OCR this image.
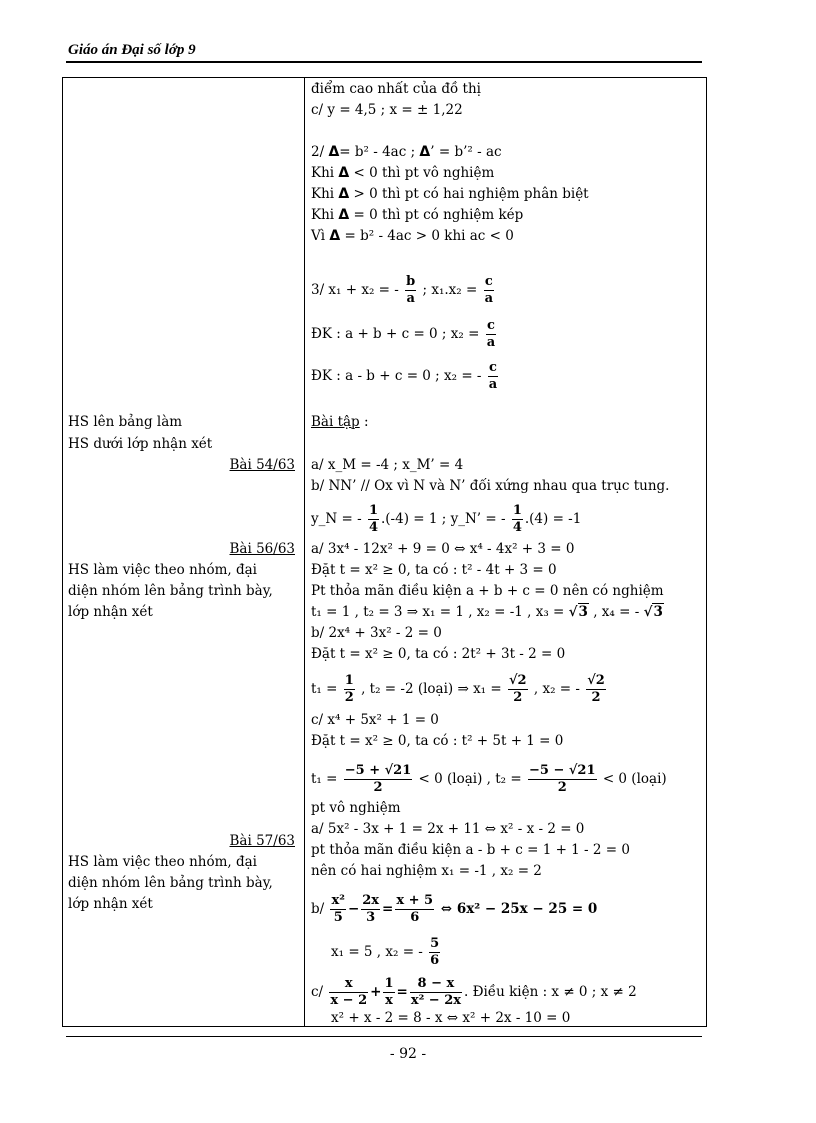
Giáo án Đại số lớp 9
HS lên bảng làm
HS dưới lớp nhận xét
Bài 54/63
Bài 56/63
HS làm việc theo nhóm, đại
diện nhóm lên bảng trình bày,
lớp nhận xét
Bài 57/63
HS làm việc theo nhóm, đại
diện nhóm lên bảng trình bày,
lớp nhận xét
điểm cao nhất của đồ thị
c/ y = 4,5 ; x = ± 1,22
2/ Δ= b² - 4ac ; Δ’ = b’² - ac
Khi Δ < 0 thì pt vô nghiệm
Khi Δ > 0 thì pt có hai nghiệm phân biệt
Khi Δ = 0 thì pt có nghiệm kép
Vì Δ = b² - 4ac > 0 khi ac < 0
3/ x₁ + x₂ = - $\frac{b}{a}$ ; $x_1.x_2 = \frac{c}{a}$
ĐK : a + b + c = 0 ; $x_2 = \frac{c}{a}$
ĐK : a - b + c = 0 ; x₂ = - $\frac{c}{a}$
Bài tập :
a/ x_M = -4 ; x_M’ = 4
b/ NN’ // Ox vì N và N’ đối xứng nhau qua trục tung.
y_N = - $\frac{1}{4} .(-4) = 1$ ; y_N’ = - $\frac{1}{4} .(4) = -1$
a/ 3x⁴ - 12x² + 9 = 0 ⇔ x⁴ - 4x² + 3 = 0
Đặt t = x² ≥ 0, ta có : t² - 4t + 3 = 0
Pt thỏa mãn điều kiện a + b + c = 0 nên có nghiệm
t₁ = 1 , t₂ = 3 ⇒ x₁ = 1 , x₂ = -1 , x₃ = √3 , x₄ = - √3
b/ 2x⁴ + 3x² - 2 = 0
Đặt t = x² ≥ 0, ta có : 2t² + 3t - 2 = 0
$t_1 = \frac{1}{2}$ , t₂ = -2 (loại) ⇒ $x_1 = \frac{√2}{2}$ , x₂ = - $\frac{√2}{2}$
c/ x⁴ + 5x² + 1 = 0
Đặt t = x² ≥ 0, ta có : t² + 5t + 1 = 0
$t_1 = \frac{-5 + √21}{2} < 0$ (loại) , $t_2 = \frac{-5 - √21}{2} < 0$ (loại)
pt vô nghiệm
a/ 5x² - 3x + 1 = 2x + 11 ⇔ x² - x - 2 = 0
pt thỏa mãn điều kiện a - b + c = 1 + 1 - 2 = 0
nên có hai nghiệm x₁ = -1 , x₂ = 2
$b/ \frac{\text{x²}}{5} - \frac{2x}{3} = \frac{x + 5}{6}$ ⇔ 6x² − 25x − 25 = 0
x₁ = 5 , x₂ = - $\frac{5}{6}$
$c/ \frac{x}{x - 2} + \frac{1}{x} = \frac{8 - x}{\text{x² − 2x}}$ . Điều kiện : x ≠ 0 ; x ≠ 2
x² + x - 2 = 8 - x ⇔ x² + 2x - 10 = 0
- 92 -
